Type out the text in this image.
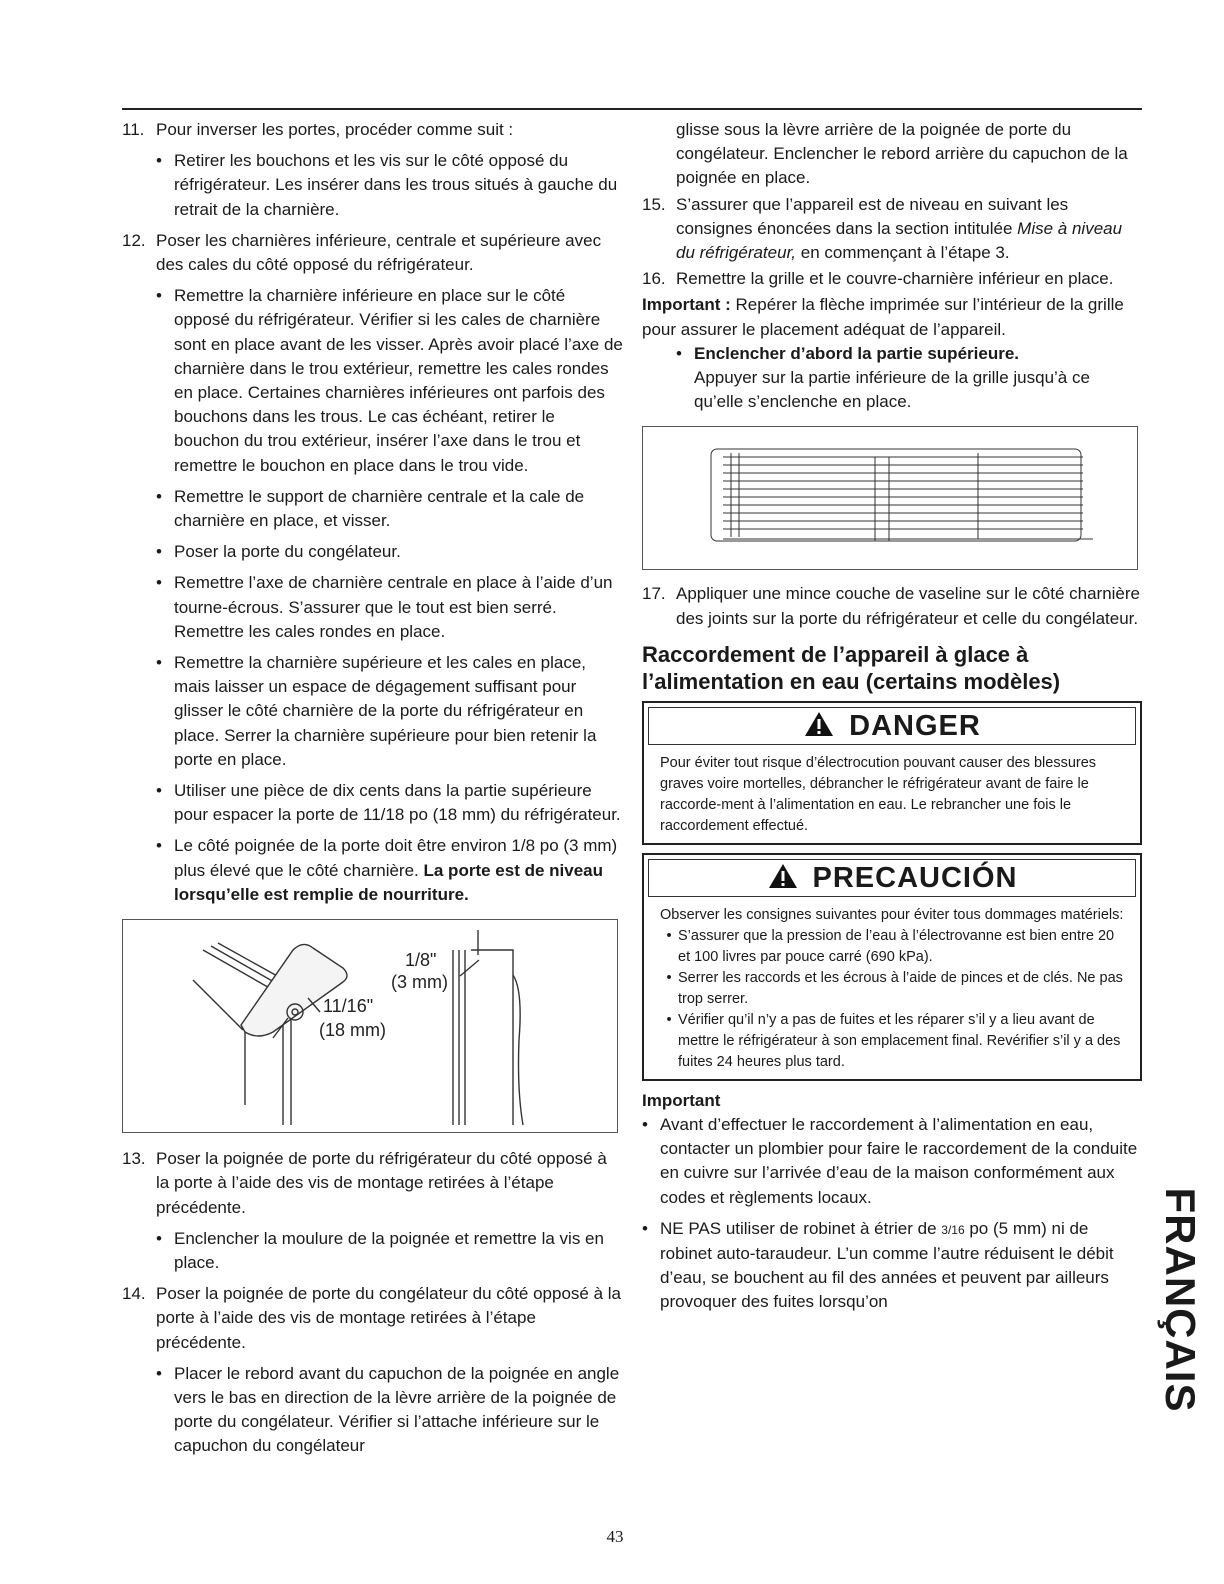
11. Pour inverser les portes, procéder comme suit :
• Retirer les bouchons et les vis sur le côté opposé du réfrigérateur. Les insérer dans les trous situés à gauche du retrait de la charnière.
12. Poser les charnières inférieure, centrale et supérieure avec des cales du côté opposé du réfrigérateur.
• Remettre la charnière inférieure en place sur le côté opposé du réfrigérateur. Vérifier si les cales de charnière sont en place avant de les visser. Après avoir placé l’axe de charnière dans le trou extérieur, remettre les cales rondes en place. Certaines charnières inférieures ont parfois des bouchons dans les trous. Le cas échéant, retirer le bouchon du trou extérieur, insérer l’axe dans le trou et remettre le bouchon en place dans le trou vide.
• Remettre le support de charnière centrale et la cale de charnière en place, et visser.
• Poser la porte du congélateur.
• Remettre l’axe de charnière centrale en place à l’aide d’un tourne-écrous. S’assurer que le tout est bien serré. Remettre les cales rondes en place.
• Remettre la charnière supérieure et les cales en place, mais laisser un espace de dégagement suffisant pour glisser le côté charnière de la porte du réfrigérateur en place. Serrer la charnière supérieure pour bien retenir la porte en place.
• Utiliser une pièce de dix cents dans la partie supérieure pour espacer la porte de 11/18 po (18 mm) du réfrigérateur.
• Le côté poignée de la porte doit être environ 1/8 po (3 mm) plus élevé que le côté charnière. La porte est de niveau lorsqu’elle est remplie de nourriture.
1/8"
(3 mm)
11/16"
(18 mm)
13. Poser la poignée de porte du réfrigérateur du côté opposé à la porte à l’aide des vis de montage retirées à l’étape précédente.
• Enclencher la moulure de la poignée et remettre la vis en place.
14. Poser la poignée de porte du congélateur du côté opposé à la porte à l’aide des vis de montage retirées à l’étape précédente.
• Placer le rebord avant du capuchon de la poignée en angle vers le bas en direction de la lèvre arrière de la poignée de porte du congélateur. Vérifier si l’attache inférieure sur le capuchon du congélateur
glisse sous la lèvre arrière de la poignée de porte du congélateur. Enclencher le rebord arrière du capuchon de la poignée en place.
15. S’assurer que l’appareil est de niveau en suivant les consignes énoncées dans la section intitulée Mise à niveau du réfrigérateur, en commençant à l’étape 3.
16. Remettre la grille et le couvre-charnière inférieur en place.
Important : Repérer la flèche imprimée sur l’intérieur de la grille pour assurer le placement adéquat de l’appareil.
• Enclencher d’abord la partie supérieure.
Appuyer sur la partie inférieure de la grille jusqu’à ce qu’elle s’enclenche en place.
17. Appliquer une mince couche de vaseline sur le côté charnière des joints sur la porte du réfrigérateur et celle du congélateur.
Raccordement de l’appareil à glace à l’alimentation en eau (certains modèles)
DANGER
Pour éviter tout risque d’électrocution pouvant causer des blessures graves voire mortelles, débrancher le réfrigérateur avant de faire le raccorde-ment à l’alimentation en eau. Le rebrancher une fois le raccordement effectué.
PRECAUCIÓN
Observer les consignes suivantes pour éviter tous dommages matériels:
• S’assurer que la pression de l’eau à l’électrovanne est bien entre 20 et 100 livres par pouce carré (690 kPa).
• Serrer les raccords et les écrous à l’aide de pinces et de clés. Ne pas trop serrer.
• Vérifier qu’il n’y a pas de fuites et les réparer s’il y a lieu avant de mettre le réfrigérateur à son emplacement final. Revérifier s’il y a des fuites 24 heures plus tard.
Important
• Avant d’effectuer le raccordement à l’alimentation en eau, contacter un plombier pour faire le raccordement de la conduite en cuivre sur l’arrivée d’eau de la maison conformément aux codes et règlements locaux.
• NE PAS utiliser de robinet à étrier de 3/16 po (5 mm) ni de robinet auto-taraudeur. L’un comme l’autre réduisent le débit d’eau, se bouchent au fil des années et peuvent par ailleurs provoquer des fuites lorsqu’on
43
FRANÇAIS
